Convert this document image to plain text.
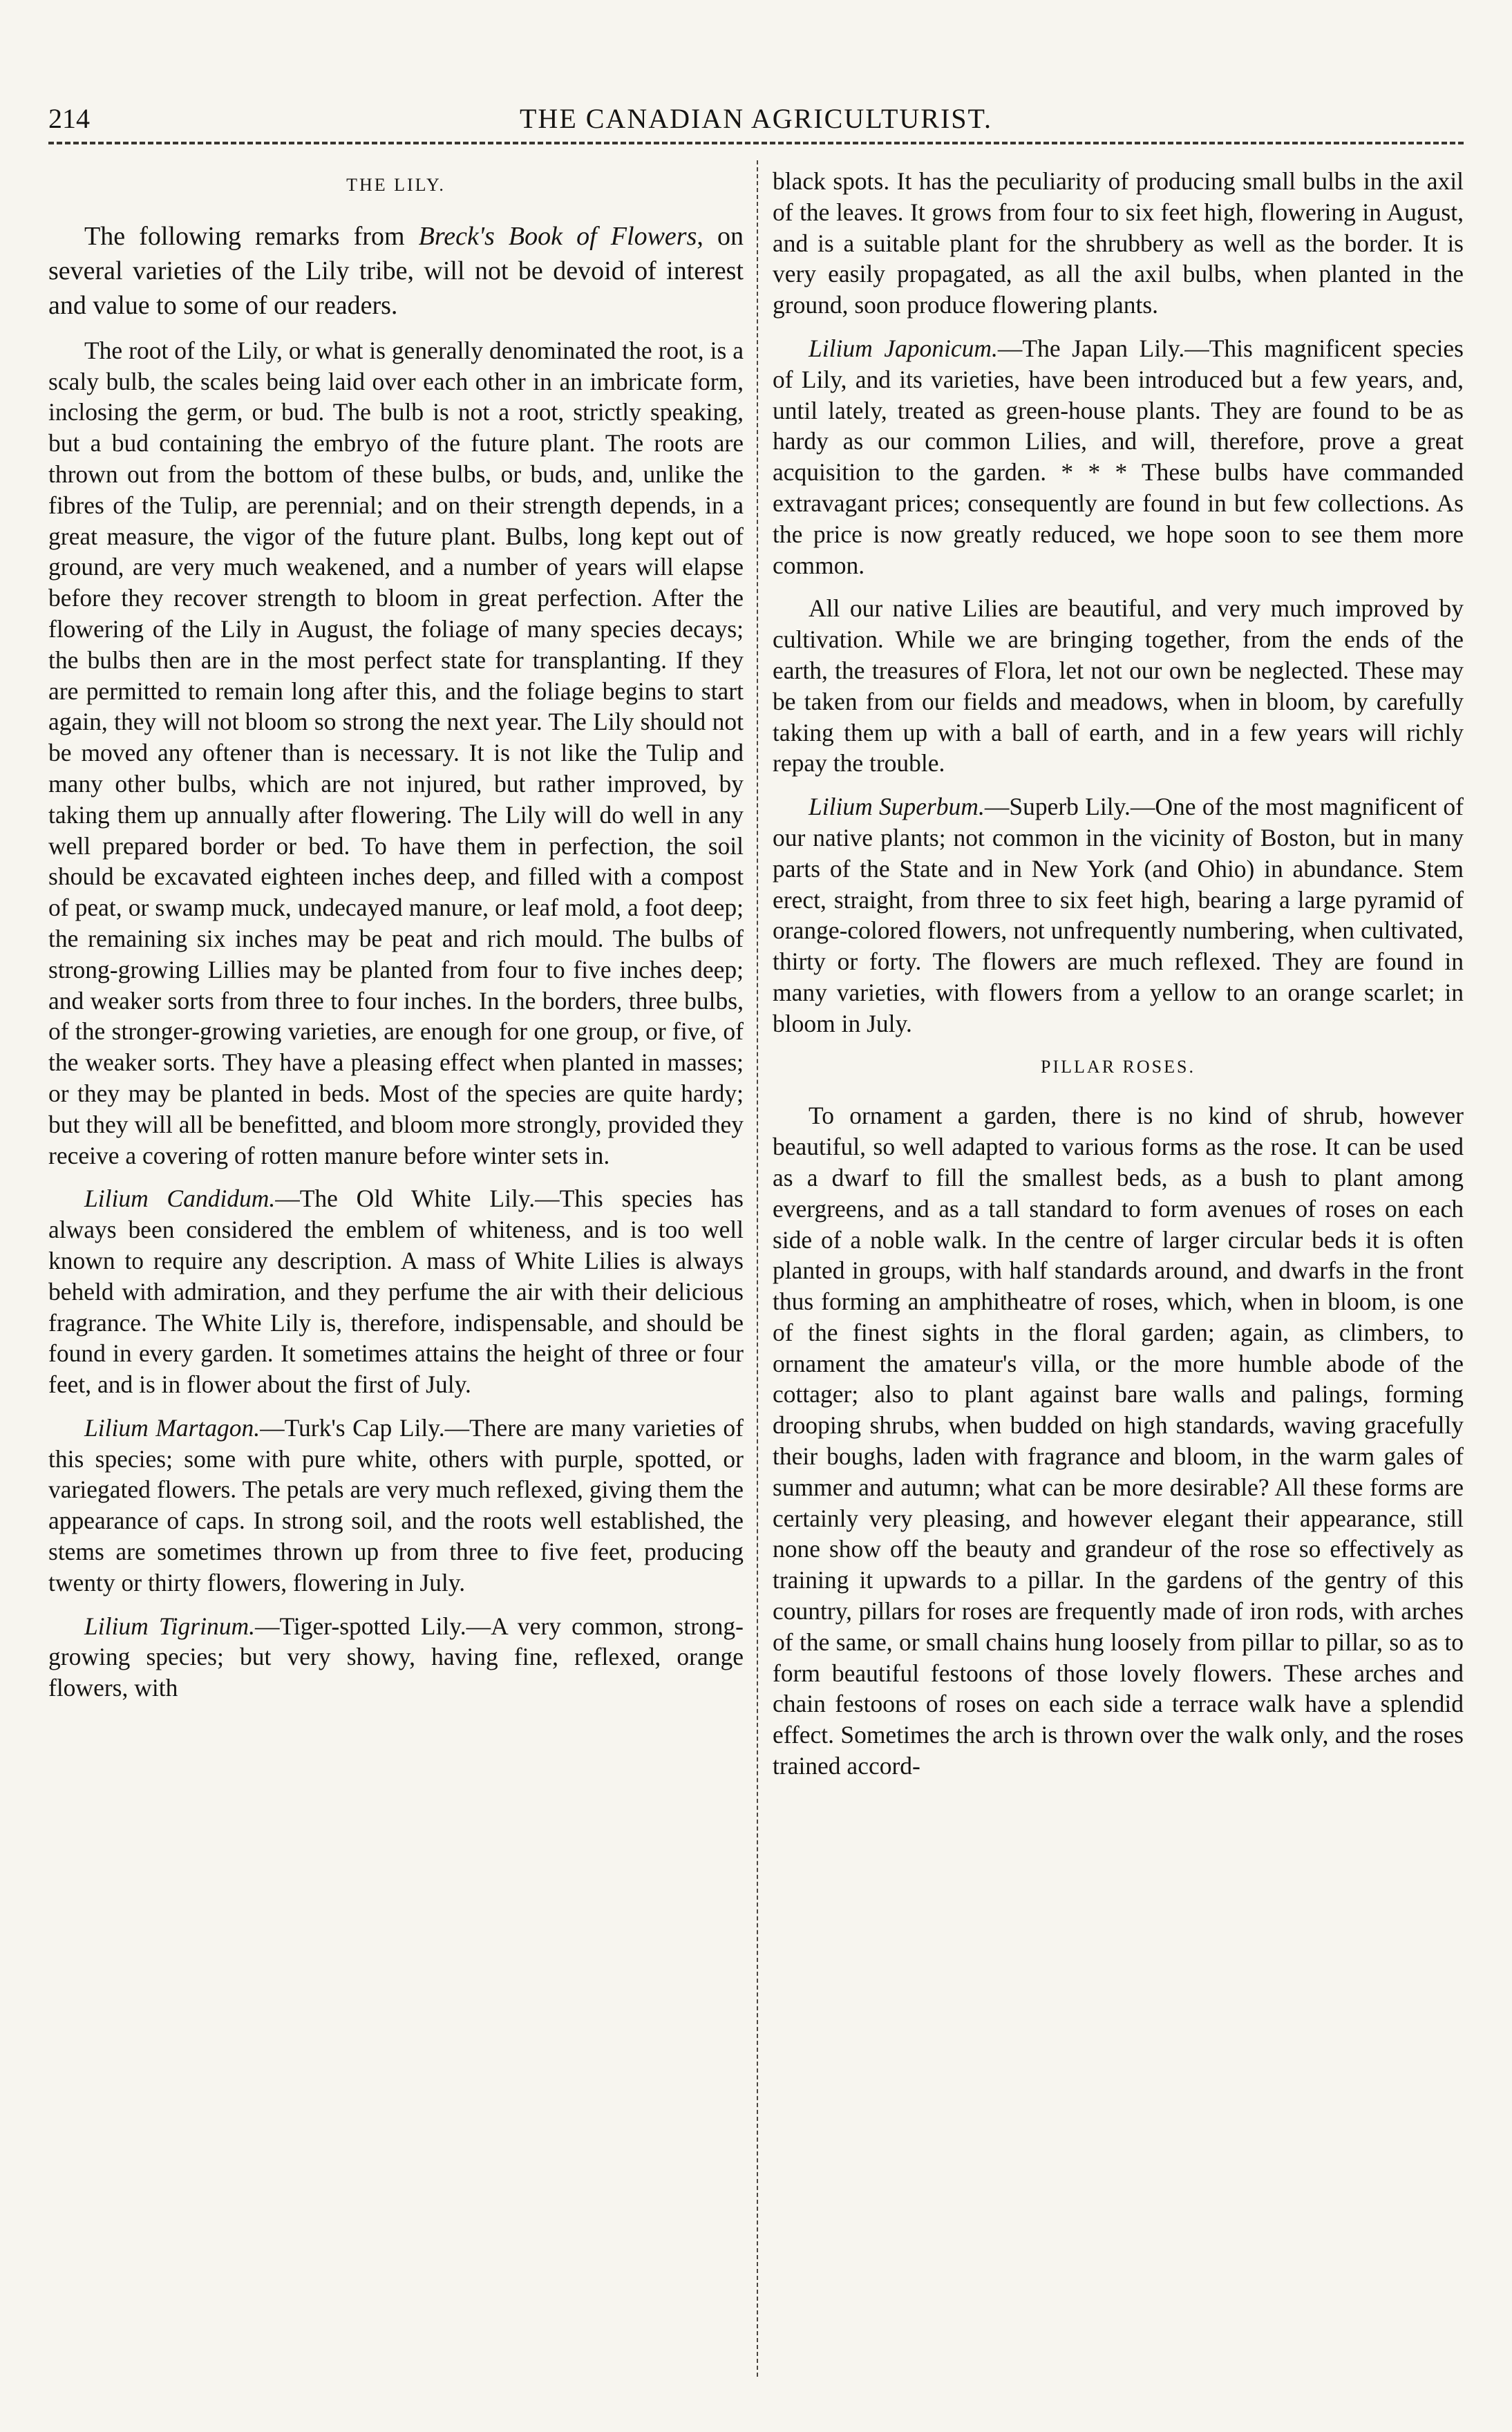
THE CANADIAN AGRICULTURIST.
214
THE LILY.

The following remarks from Breck's Book of Flowers, on several varieties of the Lily tribe, will not be devoid of interest and value to some of our readers.

The root of the Lily, or what is generally denominated the root, is a scaly bulb, the scales being laid over each other in an imbricate form, inclosing the germ, or bud. The bulb is not a root, strictly speaking, but a bud containing the embryo of the future plant. The roots are thrown out from the bottom of these bulbs, or buds, and, unlike the fibres of the Tulip, are perennial; and on their strength depends, in a great measure, the vigor of the future plant. Bulbs, long kept out of ground, are very much weakened, and a number of years will elapse before they recover strength to bloom in great perfection. After the flowering of the Lily in August, the foliage of many species decays; the bulbs then are in the most perfect state for transplanting. If they are permitted to remain long after this, and the foliage begins to start again, they will not bloom so strong the next year. The Lily should not be moved any oftener than is necessary. It is not like the Tulip and many other bulbs, which are not injured, but rather improved, by taking them up annually after flowering. The Lily will do well in any well prepared border or bed. To have them in perfection, the soil should be excavated eighteen inches deep, and filled with a compost of peat, or swamp muck, undecayed manure, or leaf mold, a foot deep; the remaining six inches may be peat and rich mould. The bulbs of strong-growing Lillies may be planted from four to five inches deep; and weaker sorts from three to four inches. In the borders, three bulbs, of the stronger-growing varieties, are enough for one group, or five, of the weaker sorts. They have a pleasing effect when planted in masses; or they may be planted in beds. Most of the species are quite hardy; but they will all be benefitted, and bloom more strongly, provided they receive a covering of rotten manure before winter sets in.

Lilium Candidum.—The Old White Lily.—This species has always been considered the emblem of whiteness, and is too well known to require any description. A mass of White Lilies is always beheld with admiration, and they perfume the air with their delicious fragrance. The White Lily is, therefore, indispensable, and should be found in every garden. It sometimes attains the height of three or four feet, and is in flower about the first of July.

Lilium Martagon.—Turk's Cap Lily.—There are many varieties of this species; some with pure white, others with purple, spotted, or variegated flowers. The petals are very much reflexed, giving them the appearance of caps. In strong soil, and the roots well established, the stems are sometimes thrown up from three to five feet, producing twenty or thirty flowers, flowering in July.

Lilium Tigrinum.—Tiger-spotted Lily.—A very common, strong-growing species; but very showy, having fine, reflexed, orange flowers, with

black spots. It has the peculiarity of producing small bulbs in the axil of the leaves. It grows from four to six feet high, flowering in August, and is a suitable plant for the shrubbery as well as the border. It is very easily propagated, as all the axil bulbs, when planted in the ground, soon produce flowering plants.

Lilium Japonicum.—The Japan Lily.—This magnificent species of Lily, and its varieties, have been introduced but a few years, and, until lately, treated as green-house plants. They are found to be as hardy as our common Lilies, and will, therefore, prove a great acquisition to the garden. * * * These bulbs have commanded extravagant prices; consequently are found in but few collections. As the price is now greatly reduced, we hope soon to see them more common.

All our native Lilies are beautiful, and very much improved by cultivation. While we are bringing together, from the ends of the earth, the treasures of Flora, let not our own be neglected. These may be taken from our fields and meadows, when in bloom, by carefully taking them up with a ball of earth, and in a few years will richly repay the trouble.

Lilium Superbum.—Superb Lily.—One of the most magnificent of our native plants; not common in the vicinity of Boston, but in many parts of the State and in New York (and Ohio) in abundance. Stem erect, straight, from three to six feet high, bearing a large pyramid of orange-colored flowers, not unfrequently numbering, when cultivated, thirty or forty. The flowers are much reflexed. They are found in many varieties, with flowers from a yellow to an orange scarlet; in bloom in July.

PILLAR ROSES.

To ornament a garden, there is no kind of shrub, however beautiful, so well adapted to various forms as the rose. It can be used as a dwarf to fill the smallest beds, as a bush to plant among evergreens, and as a tall standard to form avenues of roses on each side of a noble walk. In the centre of larger circular beds it is often planted in groups, with half standards around, and dwarfs in the front thus forming an amphitheatre of roses, which, when in bloom, is one of the finest sights in the floral garden; again, as climbers, to ornament the amateur's villa, or the more humble abode of the cottager; also to plant against bare walls and palings, forming drooping shrubs, when budded on high standards, waving gracefully their boughs, laden with fragrance and bloom, in the warm gales of summer and autumn; what can be more desirable? All these forms are certainly very pleasing, and however elegant their appearance, still none show off the beauty and grandeur of the rose so effectively as training it upwards to a pillar. In the gardens of the gentry of this country, pillars for roses are frequently made of iron rods, with arches of the same, or small chains hung loosely from pillar to pillar, so as to form beautiful festoons of those lovely flowers. These arches and chain festoons of roses on each side a terrace walk have a splendid effect. Sometimes the arch is thrown over the walk only, and the roses trained accord-
